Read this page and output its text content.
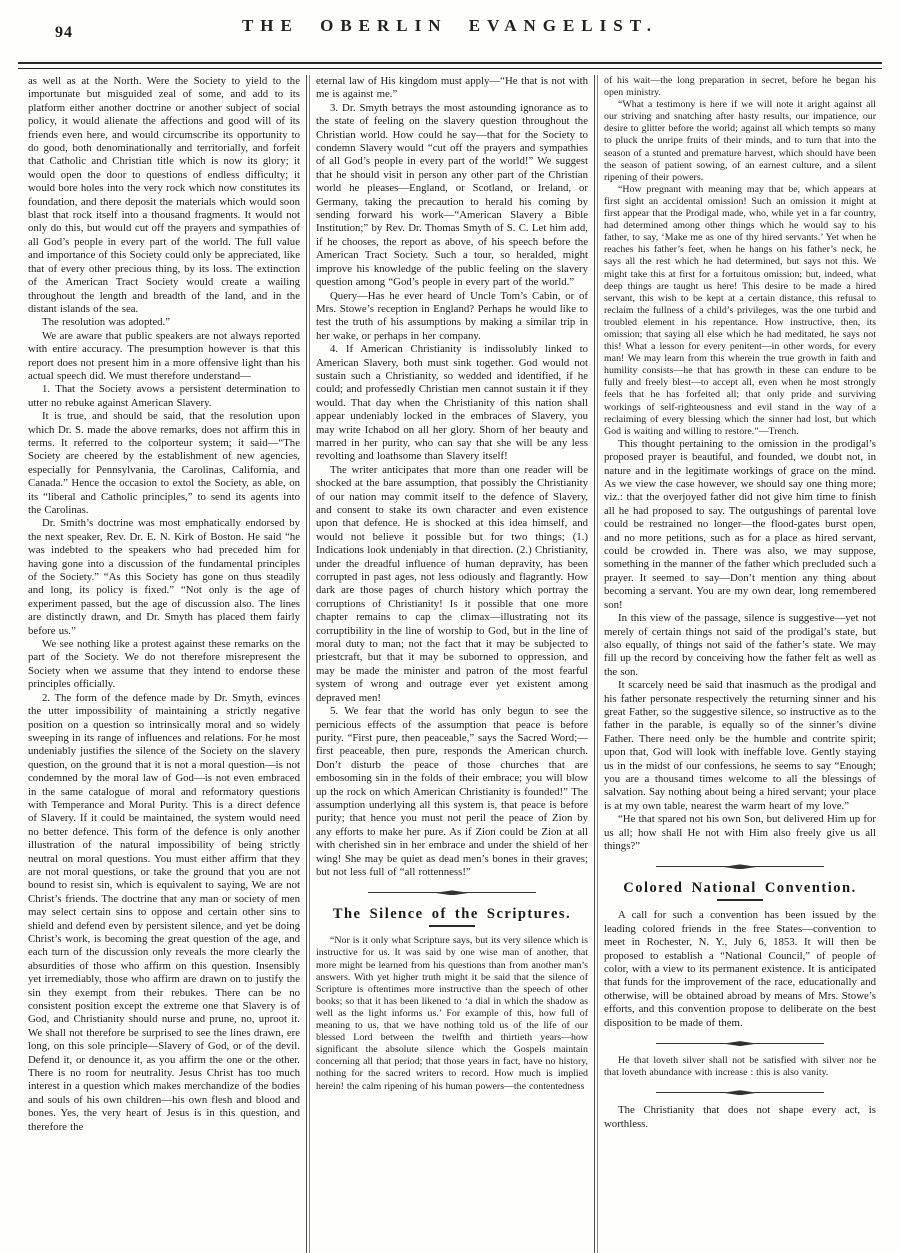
94	THE OBERLIN EVANGELIST.

as well as at the North. Were the Society to yield to the importunate but misguided zeal of some, and add to its platform either another doctrine or another subject of social policy, it would alienate the affections and good will of its friends even here, and would circumscribe its opportunity to do good, both denominationally and territorially, and forfeit that Catholic and Christian title which is now its glory; it would open the door to questions of endless difficulty; it would bore holes into the very rock which now constitutes its foundation, and there deposit the materials which would soon blast that rock itself into a thousand fragments. It would not only do this, but would cut off the prayers and sympathies of all God’s people in every part of the world. The full value and importance of this Society could only be appreciated, like that of every other precious thing, by its loss. The extinction of the American Tract Society would create a wailing throughout the length and breadth of the land, and in the distant islands of the sea.

The resolution was adopted.”

We are aware that public speakers are not always reported with entire accuracy. The presumption however is that this report does not present him in a more offensive light than his actual speech did. We must therefore understand—

1. That the Society avows a persistent determination to utter no rebuke against American Slavery.

It is true, and should be said, that the resolution upon which Dr. S. made the above remarks, does not affirm this in terms. It referred to the colporteur system; it said—“The Society are cheered by the establishment of new agencies, especially for Pennsylvania, the Carolinas, California, and Canada.” Hence the occasion to extol the Society, as able, on its “liberal and Catholic principles,” to send its agents into the Carolinas.

Dr. Smith’s doctrine was most emphatically endorsed by the next speaker, Rev. Dr. E. N. Kirk of Boston. He said “he was indebted to the speakers who had preceded him for having gone into a discussion of the fundamental principles of the Society.” “As this Society has gone on thus steadily and long, its policy is fixed.” “Not only is the age of experiment passed, but the age of discussion also. The lines are distinctly drawn, and Dr. Smyth has placed them fairly before us.”

We see nothing like a protest against these remarks on the part of the Society. We do not therefore misrepresent the Society when we assume that they intend to endorse these principles officially.

2. The form of the defence made by Dr. Smyth, evinces the utter impossibility of maintaining a strictly negative position on a question so intrinsically moral and so widely sweeping in its range of influences and relations. For he most undeniably justifies the silence of the Society on the slavery question, on the ground that it is not a moral question—is not condemned by the moral law of God—is not even embraced in the same catalogue of moral and reformatory questions with Temperance and Moral Purity. This is a direct defence of Slavery. If it could be maintained, the system would need no better defence. This form of the defence is only another illustration of the natural impossibility of being strictly neutral on moral questions. You must either affirm that they are not moral questions, or take the ground that you are not bound to resist sin, which is equivalent to saying, We are not Christ’s friends. The doctrine that any man or society of men may select certain sins to oppose and certain other sins to shield and defend even by persistent silence, and yet be doing Christ’s work, is becoming the great question of the age, and each turn of the discussion only reveals the more clearly the absurdities of those who affirm on this question. Insensibly yet irremediably, those who affirm are drawn on to justify the sin they exempt from their rebukes. There can be no consistent position except the extreme one that Slavery is of God, and Christianity should nurse and prune, no, uproot it. We shall not therefore be surprised to see the lines drawn, ere long, on this sole principle—Slavery of God, or of the devil. Defend it, or denounce it, as you affirm the one or the other. There is no room for neutrality. Jesus Christ has too much interest in a question which makes merchandize of the bodies and souls of his own children—his own flesh and blood and bones. Yes, the very heart of Jesus is in this question, and therefore the

eternal law of His kingdom must apply—“He that is not with me is against me.”

3. Dr. Smyth betrays the most astounding ignorance as to the state of feeling on the slavery question throughout the Christian world. How could he say—that for the Society to condemn Slavery would “cut off the prayers and sympathies of all God’s people in every part of the world!” We suggest that he should visit in person any other part of the Christian world he pleases—England, or Scotland, or Ireland, or Germany, taking the precaution to herald his coming by sending forward his work—“American Slavery a Bible Institution;” by Rev. Dr. Thomas Smyth of S. C. Let him add, if he chooses, the report as above, of his speech before the American Tract Society. Such a tour, so heralded, might improve his knowledge of the public feeling on the slavery question among “God’s people in every part of the world.”

Query—Has he ever heard of Uncle Tom’s Cabin, or of Mrs. Stowe’s reception in England? Perhaps he would like to test the truth of his assumptions by making a similar trip in her wake, or perhaps in her company.

4. If American Christianity is indissolubly linked to American Slavery, both must sink together. God would not sustain such a Christianity, so wedded and identified, if he could; and professedly Christian men cannot sustain it if they would. That day when the Christianity of this nation shall appear undeniably locked in the embraces of Slavery, you may write Ichabod on all her glory. Shorn of her beauty and marred in her purity, who can say that she will be any less revolting and loathsome than Slavery itself!

The writer anticipates that more than one reader will be shocked at the bare assumption, that possibly the Christianity of our nation may commit itself to the defence of Slavery, and consent to stake its own character and even existence upon that defence. He is shocked at this idea himself, and would not believe it possible but for two things; (1.) Indications look undeniably in that direction. (2.) Christianity, under the dreadful influence of human depravity, has been corrupted in past ages, not less odiously and flagrantly. How dark are those pages of church history which portray the corruptions of Christianity! Is it possible that one more chapter remains to cap the climax—illustrating not its corruptibility in the line of worship to God, but in the line of moral duty to man; not the fact that it may be subjected to priestcraft, but that it may be suborned to oppression, and may be made the minister and patron of the most fearful system of wrong and outrage ever yet existent among depraved men!

5. We fear that the world has only begun to see the pernicious effects of the assumption that peace is before purity. “First pure, then peaceable,” says the Sacred Word;—first peaceable, then pure, responds the American church. Don’t disturb the peace of those churches that are embosoming sin in the folds of their embrace; you will blow up the rock on which American Christianity is founded!” The assumption underlying all this system is, that peace is before purity; that hence you must not peril the peace of Zion by any efforts to make her pure. As if Zion could be Zion at all with cherished sin in her embrace and under the shield of her wing! She may be quiet as dead men’s bones in their graves; but not less full of “all rottenness!”

The Silence of the Scriptures.

“Nor is it only what Scripture says, but its very silence which is instructive for us. It was said by one wise man of another, that more might be learned from his questions than from another man’s answers. With yet higher truth might it be said that the silence of Scripture is oftentimes more instructive than the speech of other books; so that it has been likened to ‘a dial in which the shadow as well as the light informs us.’ For example of this, how full of meaning to us, that we have nothing told us of the life of our blessed Lord between the twelfth and thirtieth years—how significant the absolute silence which the Gospels maintain concerning all that period; that those years in fact, have no history, nothing for the sacred writers to record. How much is implied herein! the calm ripening of his human powers—the contentedness

of his wait—the long preparation in secret, before he began his open ministry.

“What a testimony is here if we will note it aright against all our striving and snatching after hasty results, our impatience, our desire to glitter before the world; against all which tempts so many to pluck the unripe fruits of their minds, and to turn that into the season of a stunted and premature harvest, which should have been the season of patient sowing, of an earnest culture, and a silent ripening of their powers.

“How pregnant with meaning may that be, which appears at first sight an accidental omission! Such an omission it might at first appear that the Prodigal made, who, while yet in a far country, had determined among other things which he would say to his father, to say, ‘Make me as one of thy hired servants.’ Yet when he reaches his father’s feet, when he hangs on his father’s neck, he says all the rest which he had determined, but says not this. We might take this at first for a fortuitous omission; but, indeed, what deep things are taught us here! This desire to be made a hired servant, this wish to be kept at a certain distance, this refusal to reclaim the fullness of a child’s privileges, was the one turbid and troubled element in his repentance. How instructive, then, its omission; that saying all else which he had meditated, he says not this! What a lesson for every penitent—in other words, for every man! We may learn from this wherein the true growth in faith and humility consists—he that has growth in these can endure to be fully and freely blest—to accept all, even when he most strongly feels that he has forfeited all; that only pride and surviving workings of self-righteousness and evil stand in the way of a reclaiming of every blessing which the sinner had lost, but which God is waiting and willing to restore.”—Trench.

This thought pertaining to the omission in the prodigal’s proposed prayer is beautiful, and founded, we doubt not, in nature and in the legitimate workings of grace on the mind. As we view the case however, we should say one thing more; viz.: that the overjoyed father did not give him time to finish all he had proposed to say. The outgushings of parental love could be restrained no longer—the flood-gates burst open, and no more petitions, such as for a place as hired servant, could be crowded in. There was also, we may suppose, something in the manner of the father which precluded such a prayer. It seemed to say—Don’t mention any thing about becoming a servant. You are my own dear, long remembered son!

In this view of the passage, silence is suggestive—yet not merely of certain things not said of the prodigal’s state, but also equally, of things not said of the father’s state. We may fill up the record by conceiving how the father felt as well as the son.

It scarcely need be said that inasmuch as the prodigal and his father personate respectively the returning sinner and his great Father, so the suggestive silence, so instructive as to the father in the parable, is equally so of the sinner’s divine Father. There need only be the humble and contrite spirit; upon that, God will look with ineffable love. Gently staying us in the midst of our confessions, he seems to say “Enough; you are a thousand times welcome to all the blessings of salvation. Say nothing about being a hired servant; your place is at my own table, nearest the warm heart of my love.”

“He that spared not his own Son, but delivered Him up for us all; how shall He not with Him also freely give us all things?”

Colored National Convention.

A call for such a convention has been issued by the leading colored friends in the free States—convention to meet in Rochester, N. Y., July 6, 1853. It will then be proposed to establish a “National Council,” of people of color, with a view to its permanent existence. It is anticipated that funds for the improvement of the race, educationally and otherwise, will be obtained abroad by means of Mrs. Stowe’s efforts, and this convention propose to deliberate on the best disposition to be made of them.

He that loveth silver shall not be satisfied with silver nor he that loveth abundance with increase : this is also vanity.

The Christianity that does not shape every act, is worthless.
